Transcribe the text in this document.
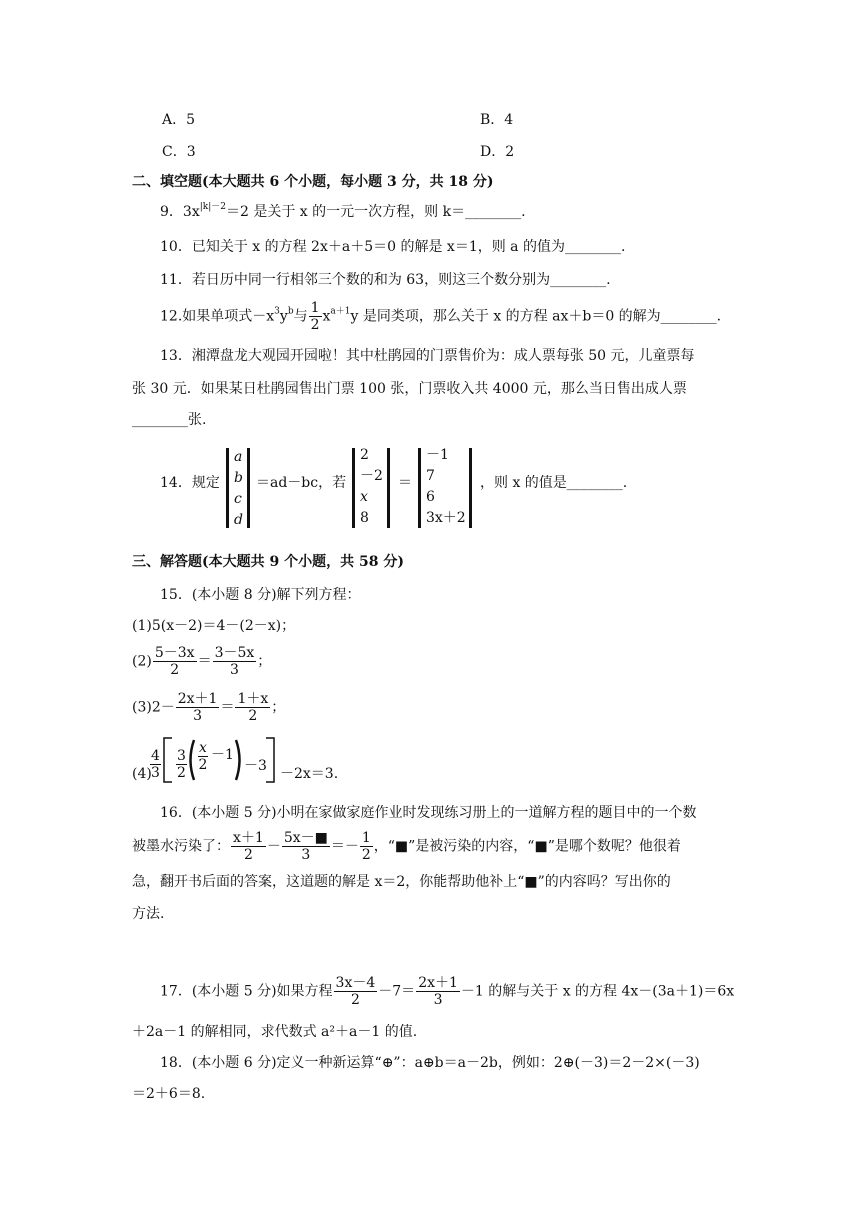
A．5	B．4
C．3	D．2
二、填空题(本大题共 6 个小题，每小题 3 分，共 18 分)
9．$3x^{|k|-2}=2$ 是关于 x 的一元一次方程，则 k＝________.
10．已知关于 x 的方程 2x＋a＋5＝0 的解是 x＝1，则 a 的值为________.
11．若日历中同一行相邻三个数的和为 63，则这三个数分别为________.
12.如果单项式$-x^3y^b$与 $\frac{1}{2} x^{a+1}y$ 是同类项，那么关于 x 的方程 ax＋b＝0 的解为________.
13．湘潭盘龙大观园开园啦！其中杜鹃园的门票售价为：成人票每张 50 元，儿童票每
张 30 元．如果某日杜鹃园售出门票 100 张，门票收入共 4000 元，那么当日售出成人票
________张.
14．规定
a
b
c
d
＝ad－bc，若
2
－2
x
8
＝
－1
7
6
3x＋2
，则 x 的值是________.
三、解答题(本大题共 9 个小题，共 58 分)
15．(本小题 8 分)解下列方程：
(1)5(x－2)＝4－(2－x)；
$(2) \frac{5-3x}{2} = \frac{3-5x}{3}$ ；
$(3)2- \frac{2x+1}{3} = \frac{1+x}{2}$ ；
(4)
4
3
3
2
x
2
－1
－3 －2x＝3.
16．(本小题 5 分)小明在家做家庭作业时发现练习册上的一道解方程的题目中的一个数
被墨水污染了： $\frac{x+1}{2} - \frac{5x-■}{3} =- \frac{1}{2}$ ，“■”是被污染的内容，“■”是哪个数呢？他很着
急，翻开书后面的答案，这道题的解是 x＝2，你能帮助他补上“■”的内容吗？写出你的
方法.
17．(本小题 5 分)如果方程 $\frac{3x-4}{2} -7= \frac{2x+1}{3} -1$ 的解与关于 x 的方程 4x－(3a＋1)＝6x
＋2a－1 的解相同，求代数式 a²＋a－1 的值.
18．(本小题 6 分)定义一种新运算“⊕”：a⊕b＝a－2b，例如：2⊕(－3)＝2－2×(－3)
＝2＋6＝8.
